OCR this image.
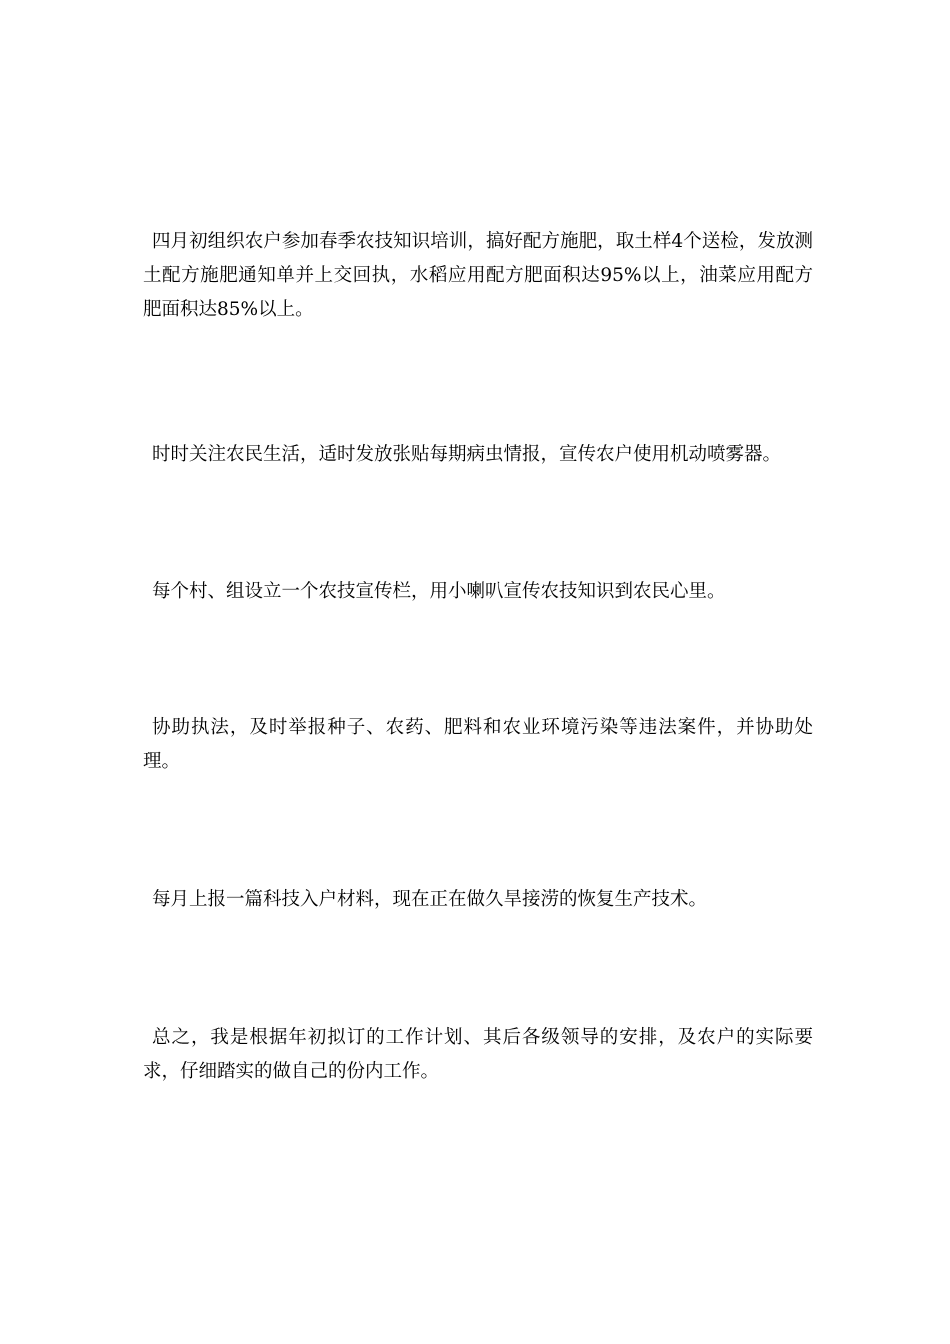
四月初组织农户参加春季农技知识培训，搞好配方施肥，取土样4个送检，发放测土配方施肥通知单并上交回执，水稻应用配方肥面积达95%以上，油菜应用配方肥面积达85%以上。

时时关注农民生活，适时发放张贴每期病虫情报，宣传农户使用机动喷雾器。

每个村、组设立一个农技宣传栏，用小喇叭宣传农技知识到农民心里。

协助执法，及时举报种子、农药、肥料和农业环境污染等违法案件，并协助处理。

每月上报一篇科技入户材料，现在正在做久旱接涝的恢复生产技术。

总之，我是根据年初拟订的工作计划、其后各级领导的安排，及农户的实际要求，仔细踏实的做自己的份内工作。
